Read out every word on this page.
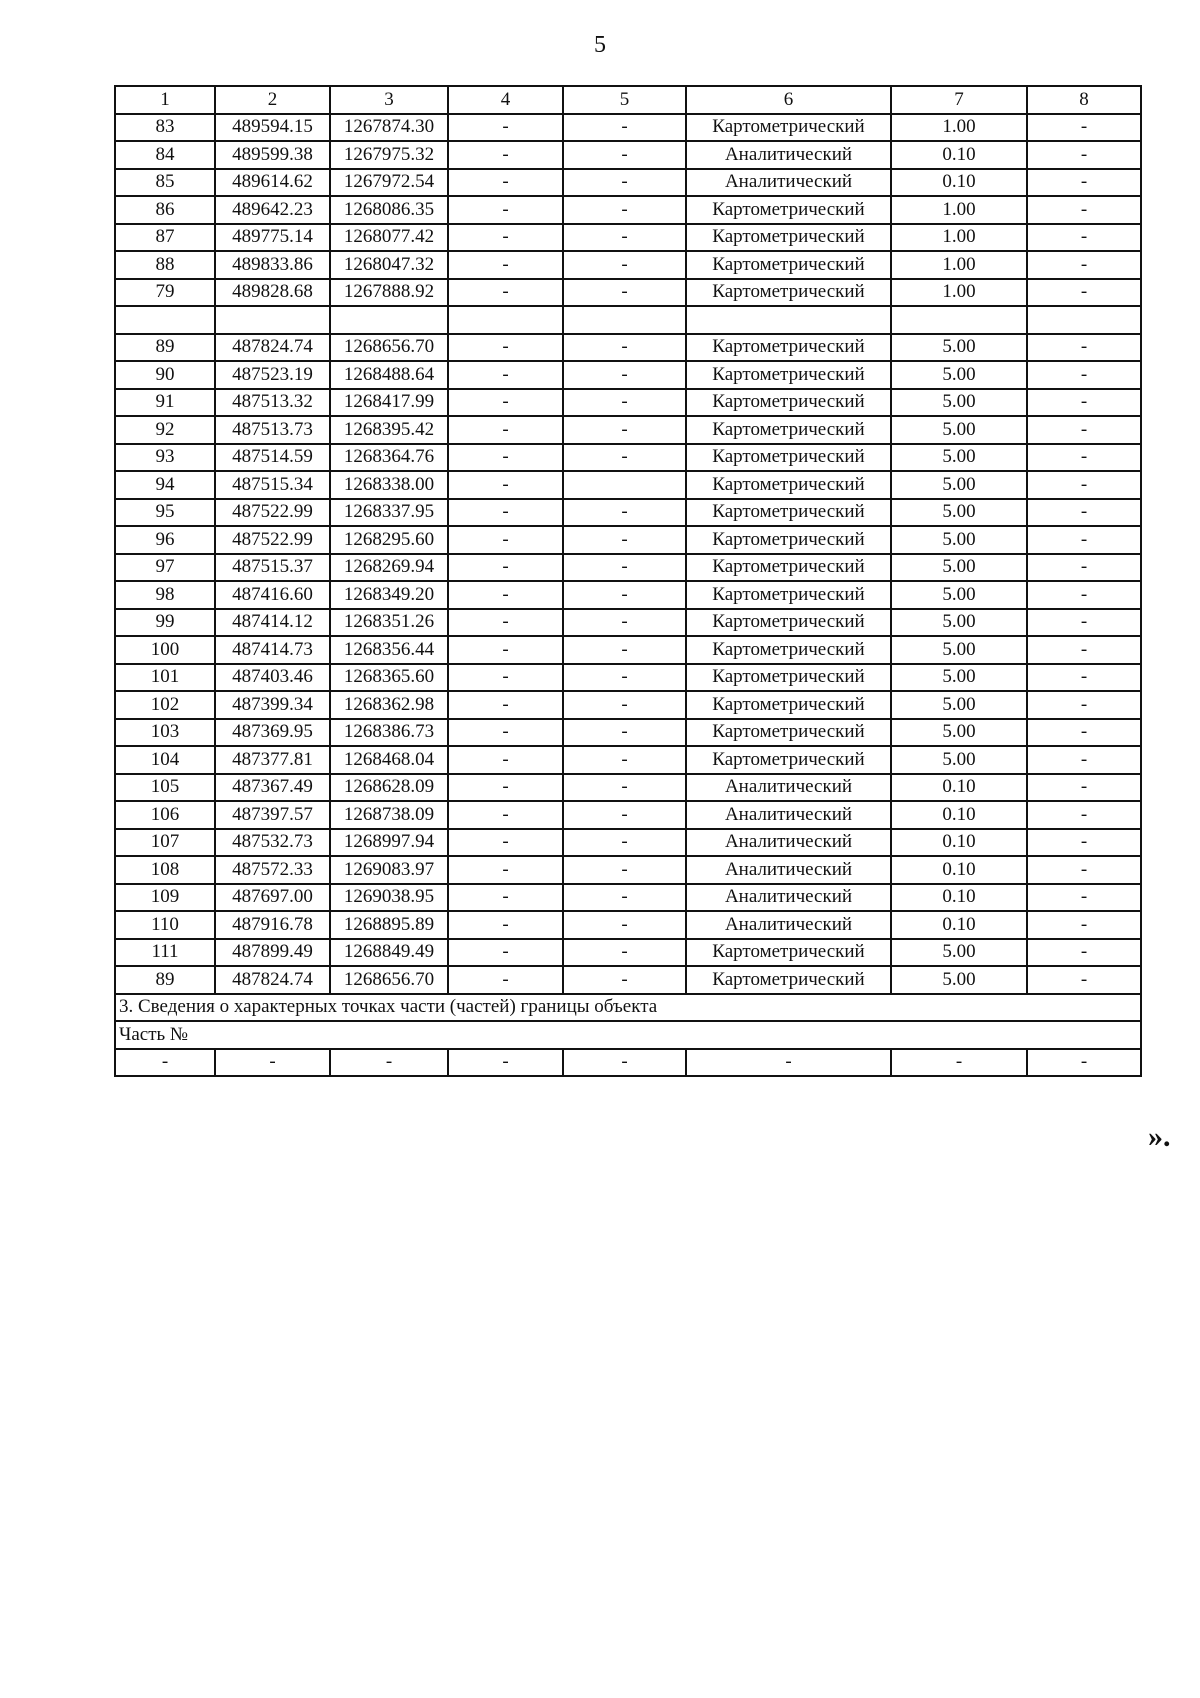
5
1	2	3	4	5	6	7	8
83	489594.15	1267874.30	-	-	Картометрический	1.00	-
84	489599.38	1267975.32	-	-	Аналитический	0.10	-
85	489614.62	1267972.54	-	-	Аналитический	0.10	-
86	489642.23	1268086.35	-	-	Картометрический	1.00	-
87	489775.14	1268077.42	-	-	Картометрический	1.00	-
88	489833.86	1268047.32	-	-	Картометрический	1.00	-
79	489828.68	1267888.92	-	-	Картометрический	1.00	-

89	487824.74	1268656.70	-	-	Картометрический	5.00	-
90	487523.19	1268488.64	-	-	Картометрический	5.00	-
91	487513.32	1268417.99	-	-	Картометрический	5.00	-
92	487513.73	1268395.42	-	-	Картометрический	5.00	-
93	487514.59	1268364.76	-	-	Картометрический	5.00	-
94	487515.34	1268338.00	-		Картометрический	5.00	-
95	487522.99	1268337.95	-	-	Картометрический	5.00	-
96	487522.99	1268295.60	-	-	Картометрический	5.00	-
97	487515.37	1268269.94	-	-	Картометрический	5.00	-
98	487416.60	1268349.20	-	-	Картометрический	5.00	-
99	487414.12	1268351.26	-	-	Картометрический	5.00	-
100	487414.73	1268356.44	-	-	Картометрический	5.00	-
101	487403.46	1268365.60	-	-	Картометрический	5.00	-
102	487399.34	1268362.98	-	-	Картометрический	5.00	-
103	487369.95	1268386.73	-	-	Картометрический	5.00	-
104	487377.81	1268468.04	-	-	Картометрический	5.00	-
105	487367.49	1268628.09	-	-	Аналитический	0.10	-
106	487397.57	1268738.09	-	-	Аналитический	0.10	-
107	487532.73	1268997.94	-	-	Аналитический	0.10	-
108	487572.33	1269083.97	-	-	Аналитический	0.10	-
109	487697.00	1269038.95	-	-	Аналитический	0.10	-
110	487916.78	1268895.89	-	-	Аналитический	0.10	-
111	487899.49	1268849.49	-	-	Картометрический	5.00	-
89	487824.74	1268656.70	-	-	Картометрический	5.00	-
3. Сведения о характерных точках части (частей) границы объекта							
Часть №							
-	-	-	-	-	-	-	-
».
